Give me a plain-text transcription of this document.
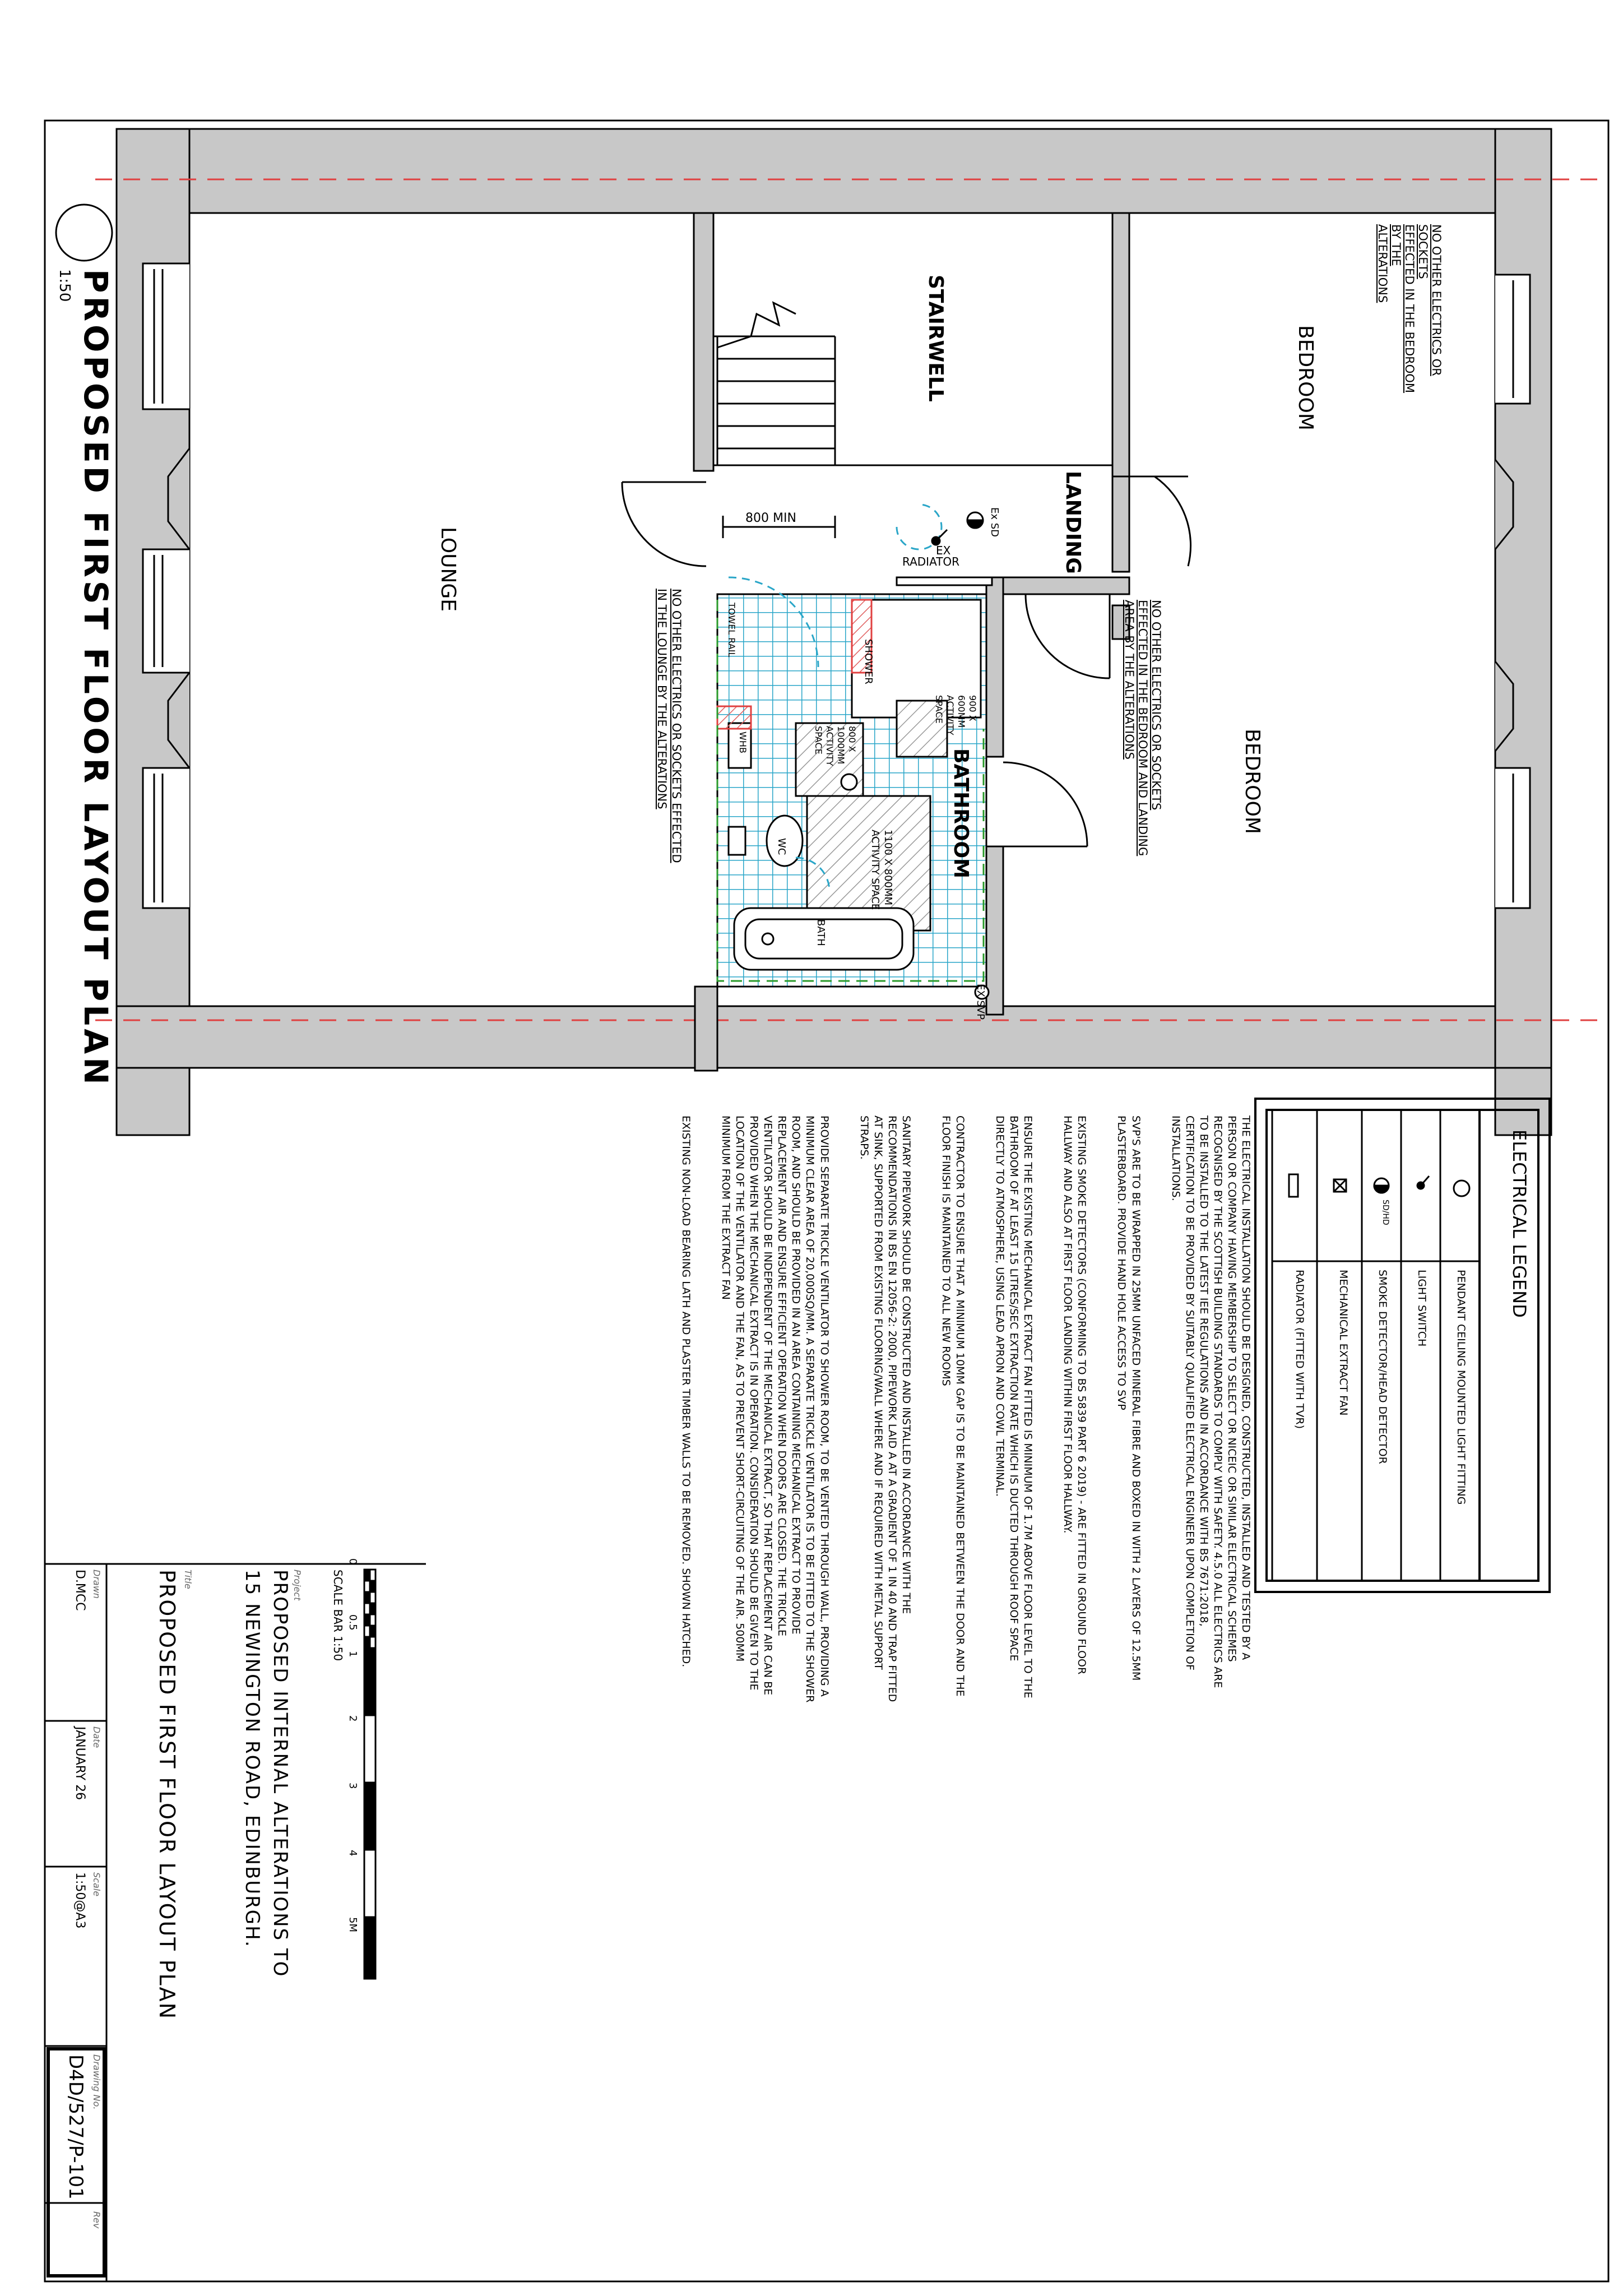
PROPOSED FIRST FLOOR LAYOUT PLAN
1:50
LOUNGE
STAIRWELL	BEDROOM
BEDROOM
LANDING
BATHROOM
800 MIN
EX
RADIATOR
Ex SD
SHOWER
900 X
600MM
ACTIVITY
SPACE
800 X
1000MM
ACTIVITY
SPACE
WHB
WC	1100 X 800MM
ACTIVITY SPACE
BATH
TOWEL RAIL
EX SVP
NO OTHER ELECTRICS OR SOCKETS
EFFECTED IN THE BEDROOM BY THE
ALTERATIONS
NO OTHER ELECTRICS OR SOCKETS
EFFECTED IN THE BEDROOM AND LANDING
AREA BY THE ALTERATIONS
NO OTHER ELECTRICS OR SOCKETS EFFECTED
IN THE LOUNGE BY THE ALTERATIONS
ELECTRICAL LEGEND
PENDANT CEILING MOUNTED LIGHT FITTING
LIGHT SWITCH
SMOKE DETECTOR/HEAD DETECTOR
SD/HD
MECHANICAL EXTRACT FAN
RADIATOR (FITTED WITH TVR)

THE ELECTRICAL INSTALLATION SHOULD BE DESIGNED, CONSTRUCTED, INSTALLED AND TESTED BY A PERSON OR COMPANY HAVING MEMBERSHIP TO SELECT OR NICEIC OR SIMILAR ELECTRICAL SCHEMES RECOGNISED BY THE SCOTTISH BUILDING STANDARDS TO COMPLY WITH SAFETY. 4.5.0 ALL ELECTRICS ARE TO BE INSTALLED TO THE LATEST IEE REGULATIONS AND IN ACCORDANCE WITH BS 7671:2018, CERTIFICATION TO BE PROVIDED BY SUITABLY QUALIFIED ELECTRICAL ENGINEER UPON COMPLETION OF INSTALLATIONS.

SVP'S ARE TO BE WRAPPED IN 25MM UNFACED MINERAL FIBRE AND BOXED IN WITH 2 LAYERS OF 12.5MM PLASTERBOARD. PROVIDE HAND HOLE ACCESS TO SVP

EXISTING SMOKE DETECTORS (CONFORMING TO BS 5839 PART 6 2019) - ARE FITTED IN GROUND FLOOR HALLWAY AND ALSO AT FIRST FLOOR LANDING WITHIN FIRST FLOOR HALLWAY.

ENSURE THE EXISTING MECHANICAL EXTRACT FAN FITTED IS MINIMUM OF 1.7M ABOVE FLOOR LEVEL TO THE BATHROOM OF AT LEAST 15 LITRES/SEC EXTRACTION RATE WHICH IS DUCTED THROUGH ROOF SPACE DIRECTLY TO ATMOSPHERE, USING LEAD APRON AND COWL TERMINAL.

CONTRACTOR TO ENSURE THAT A MINIMUM 10MM GAP IS TO BE MAINTAINED BETWEEN THE DOOR AND THE FLOOR FINISH IS MAINTAINED TO ALL NEW ROOMS

SANITARY PIPEWORK SHOULD BE CONSTRUCTED AND INSTALLED IN ACCORDANCE WITH THE RECOMMENDATIONS IN BS EN 12056-2: 2000, PIPEWORK LAID A AT A GRADIENT OF 1 IN 40 AND TRAP FITTED AT SINK, SUPPORTED FROM EXISTING FLOORING/WALL WHERE AND IF REQUIRED WITH METAL SUPPORT STRAPS.

PROVIDE SEPARATE TRICKLE VENTILATOR TO SHOWER ROOM, TO BE VENTED THROUGH WALL, PROVIDING A MINIMUM CLEAR AREA OF 20,000SQ/MM. A SEPARATE TRICKLE VENTILATOR IS TO BE FITTED TO THE SHOWER ROOM, AND SHOULD BE PROVIDED IN AN AREA CONTAINING MECHANICAL EXTRACT TO PROVIDE REPLACEMENT AIR AND ENSURE EFFICIENT OPERATION WHEN DOORS ARE CLOSED. THE TRICKLE VENTILATOR SHOULD BE INDEPENDENT OF THE MECHANICAL EXTRACT, SO THAT REPLACEMENT AIR CAN BE PROVIDED WHEN THE MECHANICAL EXTRACT IS IN OPERATION. CONSIDERATION SHOULD BE GIVEN TO THE LOCATION OF THE VENTILATOR AND THE FAN, AS TO PREVENT SHORT-CIRCUITING OF THE AIR. 500MM MINIMUM FROM THE EXTRACT FAN

EXISTING NON-LOAD BEARING LATH AND PLASTER TIMBER WALLS TO BE REMOVED. SHOWN HATCHED.

SCALE BAR 1:50
0
0.5
1
2
3
4
5M
Project
PROPOSED INTERNAL ALTERATIONS TO
15 NEWINGTON ROAD, EDINBURGH.
Title
PROPOSED FIRST FLOOR LAYOUT PLAN
Drawn
D.MCC
Date
JANUARY 26
Scale
1:50@A3
Drawing No.
D4D/527/P-101
Rev
